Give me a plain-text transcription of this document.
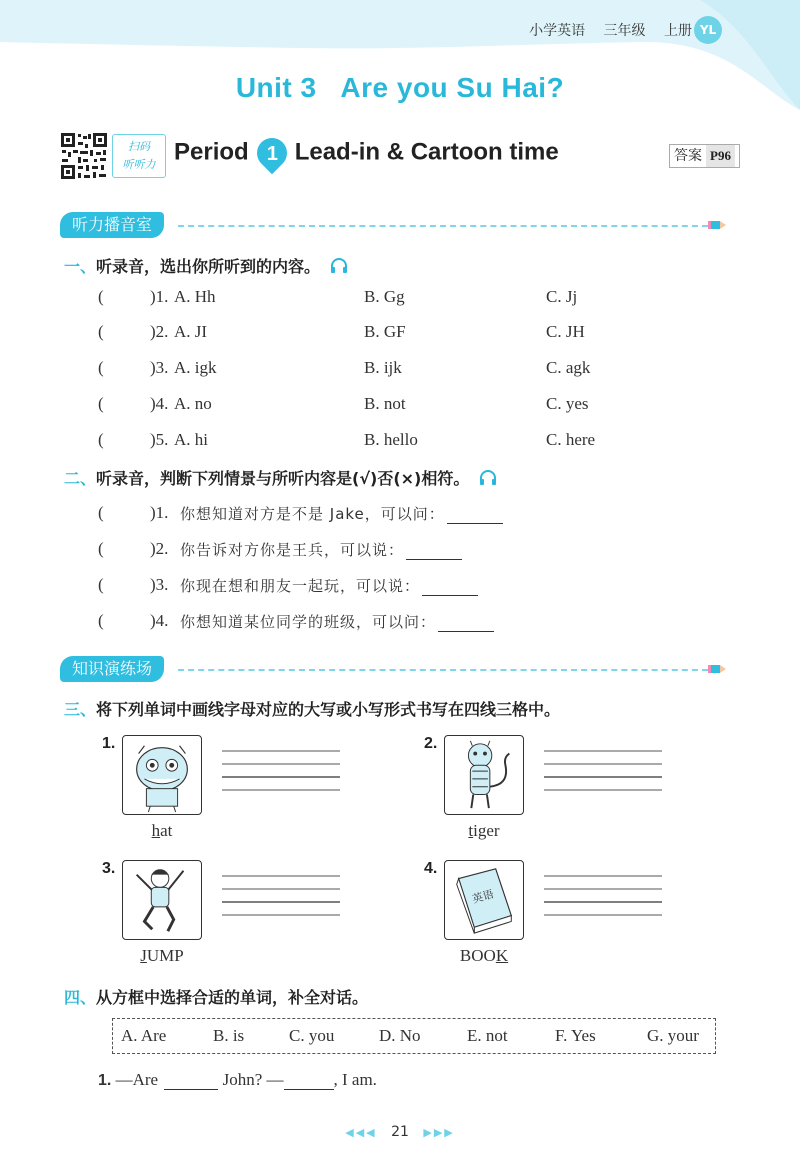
小学英语 三年级 上册 YL
Unit 3   Are you Su Hai?
扫码
听听力 Period 1 Lead-in & Cartoon time	答案 P96
听力播音室
一、听录音，选出你所听到的内容。
(	)1. A. Hh	B. Gg	C. Jj
(	)2. A. JI	B. GF	C. JH
(	)3. A. igk	B. ijk	C. agk
(	)4. A. no	B. not	C. yes
(	)5. A. hi	B. hello	C. here
二、听录音，判断下列情景与所听内容是(√)否(×)相符。
(	)1. 你想知道对方是不是 Jake，可以问：
(	)2. 你告诉对方你是王兵，可以说：
(	)3. 你现在想和朋友一起玩，可以说：
(	)4. 你想知道某位同学的班级，可以问：
知识演练场
三、将下列单词中画线字母对应的大写或小写形式书写在四线三格中。
1.
hat
2.
tiger
3.
JUMP
4.
英语
BOOK
四、从方框中选择合适的单词，补全对话。
A. Are	B. is	C. you	D. No	E. not	F. Yes	G. your
1. —Are	John? —	, I am.
◀◀◀ 21 ▶▶▶
